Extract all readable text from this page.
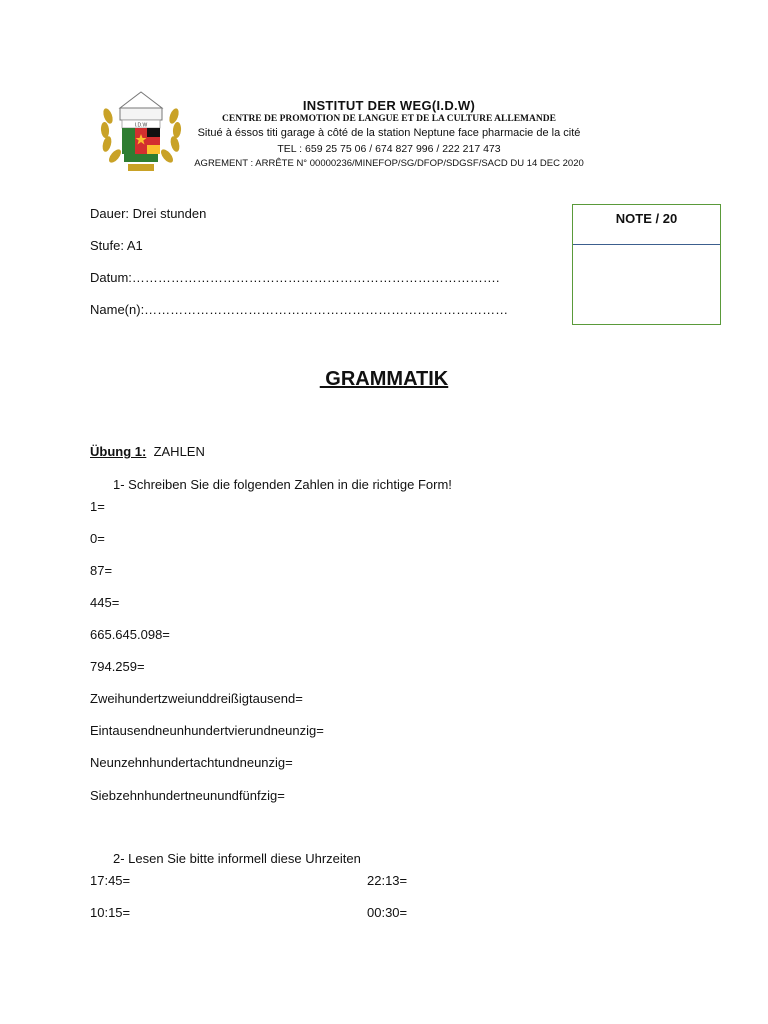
I.D.W
INSTITUT DER WEG(I.D.W)
CENTRE DE PROMOTION DE LANGUE ET DE LA CULTURE ALLEMANDE
Situé à éssos titi garage à côté de la station Neptune face pharmacie de la cité
TEL : 659 25 75 06 / 674 827 996 / 222 217 473
AGREMENT : ARRÊTE N° 00000236/MINEFOP/SG/DFOP/SDGSF/SACD DU 14 DEC 2020
Dauer: Drei stunden
Stufe: A1
Datum:………………………………………………………………………….
Name(n):…………………………………………………………………………
NOTE / 20
GRAMMATIK
Übung 1: ZAHLEN
1- Schreiben Sie die folgenden Zahlen in die richtige Form!
1=
0=
87=
445=
665.645.098=
794.259=
Zweihundertzweiunddreißigtausend=
Eintausendneunhundertvierundneunzig=
Neunzehnhundertachtundneunzig=
Siebzehnhundertneunundfünfzig=
2- Lesen Sie bitte informell diese Uhrzeiten
17:45=	22:13=
10:15=	00:30=
